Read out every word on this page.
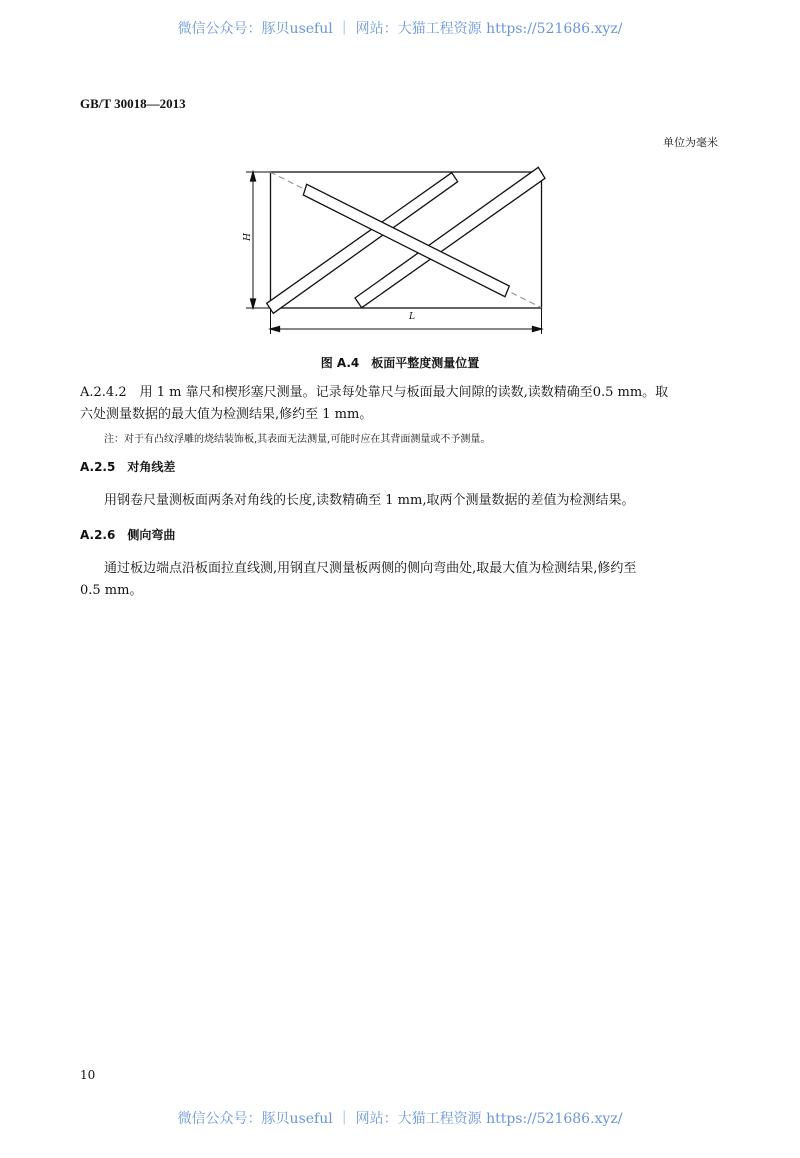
微信公众号：豚贝useful ｜ 网站：大猫工程资源 https://521686.xyz/
GB/T 30018—2013
单位为毫米
H
L
图 A.4　板面平整度测量位置
A.2.4.2　用 1 m 靠尺和楔形塞尺测量。记录每处靠尺与板面最大间隙的读数,读数精确至0.5 mm。取
六处测量数据的最大值为检测结果,修约至 1 mm。
注：对于有凸纹浮雕的烧结装饰板,其表面无法测量,可能时应在其背面测量或不予测量。
A.2.5　对角线差
用钢卷尺量测板面两条对角线的长度,读数精确至 1 mm,取两个测量数据的差值为检测结果。
A.2.6　侧向弯曲
通过板边端点沿板面拉直线测,用钢直尺测量板两侧的侧向弯曲处,取最大值为检测结果,修约至
0.5 mm。
10
微信公众号：豚贝useful ｜ 网站：大猫工程资源 https://521686.xyz/
